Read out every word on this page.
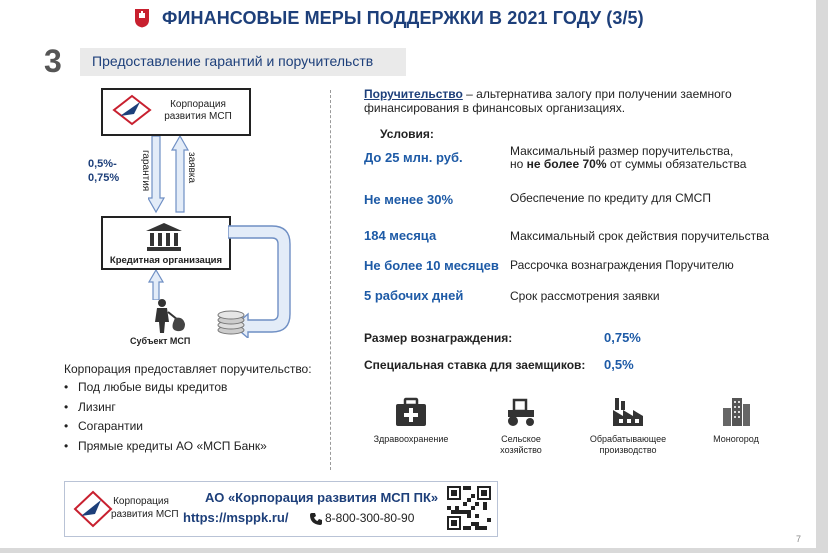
ФИНАНСОВЫЕ МЕРЫ ПОДДЕРЖКИ В 2021 ГОДУ (3/5)
3 Предоставление гарантий и поручительств
Корпорация
развития МСП
0,5%-
0,75% гарантия	заявка
Кредитная организация
Субъект МСП
Корпорация предоставляет поручительство:
• Под любые виды кредитов
• Лизинг
• Согарантии
• Прямые кредиты АО «МСП Банк»
Поручительство – альтернатива залогу при получении заемного финансирования в финансовых организациях.
Условия:
До 25 млн. руб.	Максимальный размер поручительства,
но не более 70% от суммы обязательства
Не менее 30%	Обеспечение по кредиту для СМСП
184 месяца	Максимальный срок действия поручительства
Не более 10 месяцев Рассрочка вознаграждения Поручителю
5 рабочих дней	Срок рассмотрения заявки
Размер вознаграждения:	0,75%
Специальная ставка для заемщиков: 0,5%
Здравоохранение	Сельское
хозяйство
Обрабатывающее
производство
Моногород
Корпорация
развития МСП
АО «Корпорация развития МСП ПК»
https://msppk.ru/	8-800-300-80-90
7
